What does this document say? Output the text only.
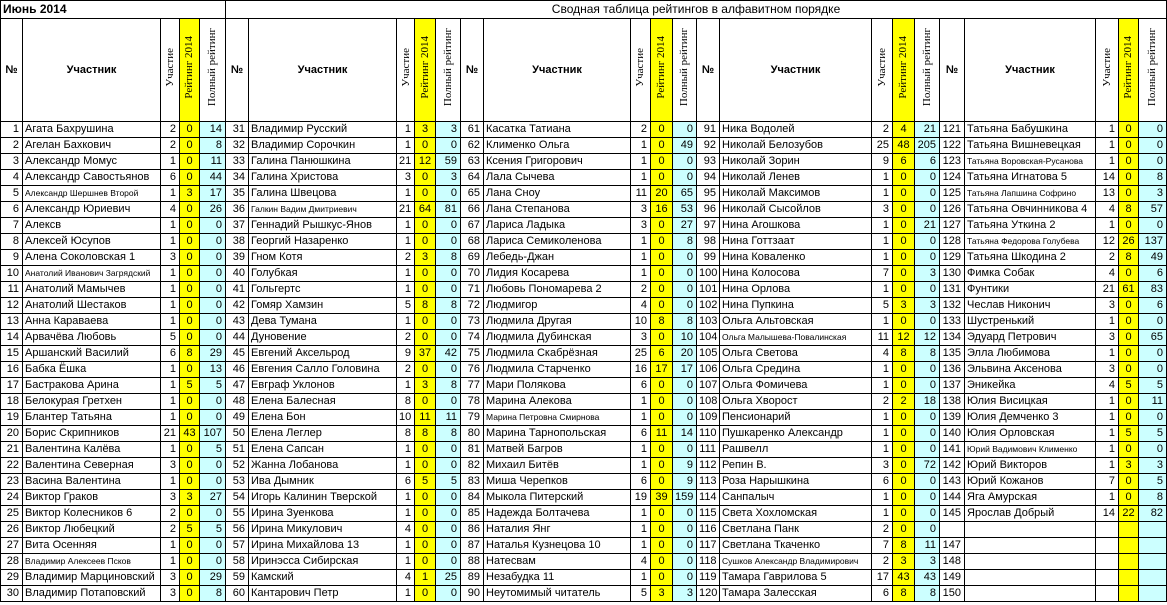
Июнь 2014					Сводная таблица рейтингов в алфавитном порядке																			
№	Участник	Участие	Рейтинг 2014	Полный рейтинг	№	Участник	Участие	Рейтинг 2014	Полный рейтинг	№	Участник	Участие	Рейтинг 2014	Полный рейтинг	№	Участник	Участие	Рейтинг 2014	Полный рейтинг	№	Участник	Участие	Рейтинг 2014	Полный рейтинг
1	Агата Бахрушина	2	0	14	31	Владимир Русский	1	3	3	61	Касатка Татиана	2	0	0	91	Ника Водолей	2	4	21	121	Татьяна Бабушкина	1	0	0
2	Агелан Бахкович	2	0	8	32	Владимир Сорочкин	1	0	0	62	Клименко Ольга	1	0	49	92	Николай Белозубов	25	48	205	122	Татьяна Вишневецкая	1	0	0
3	Александр Момус	1	0	11	33	Галина Панюшкина	21	12	59	63	Ксения Григорович	1	0	0	93	Николай Зорин	9	6	6	123	Татьяна Воровская-Русанова	1	0	0
4	Александр Савостьянов	6	0	44	34	Галина Христова	3	0	3	64	Лала Сычева	1	0	0	94	Николай Ленев	1	0	0	124	Татьяна Игнатова 5	14	0	8
5	Александр Шершнев Второй	1	3	17	35	Галина Швецова	1	0	0	65	Лана Сноу	11	20	65	95	Николай Максимов	1	0	0	125	Татьяна Лапшина Софрино	13	0	3
6	Александр Юриевич	4	0	26	36	Галкин Вадим Дмитриевич	21	64	81	66	Лана Степанова	3	16	53	96	Николай Сысойлов	3	0	0	126	Татьяна Овчинникова 4	4	8	57
7	Алексв	1	0	0	37	Геннадий Рышкус-Янов	1	0	0	67	Лариса Ладыка	3	0	27	97	Нина Агошкова	1	0	21	127	Татьяна Уткина 2	1	0	0
8	Алексей Юсупов	1	0	0	38	Георгий Назаренко	1	0	0	68	Лариса Семиколенова	1	0	8	98	Нина Готтзаат	1	0	0	128	Татьяна Федорова Голубева	12	26	137
9	Алена Соколовская 1	3	0	0	39	Гном Котя	2	3	8	69	Лебедь-Джан	1	0	0	99	Нина Коваленко	1	0	0	129	Татьяна Шкодина 2	2	8	49
10	Анатолий Иванович Загрядский	1	0	0	40	Голубкая	1	0	0	70	Лидия Косарева	1	0	0	100	Нина Колосова	7	0	3	130	Фимка Собак	4	0	6
11	Анатолий Мамычев	1	0	0	41	Гольгертс	1	0	0	71	Любовь Пономарева 2	2	0	0	101	Нина Орлова	1	0	0	131	Фунтики	21	61	83
12	Анатолий Шестаков	1	0	0	42	Гомяр Хамзин	5	8	8	72	Людмигор	4	0	0	102	Нина Пупкина	5	3	3	132	Чеслав Никонич	3	0	6
13	Анна Караваева	1	0	0	43	Дева Тумана	1	0	0	73	Людмила Другая	10	8	8	103	Ольга Альтовская	1	0	0	133	Шустренький	1	0	0
14	Арвачёва Любовь	5	0	0	44	Дуновение	2	0	0	74	Людмила Дубинская	3	0	10	104	Ольга Малышева-Повалинская	11	12	12	134	Эдуард Петрович	3	0	65
15	Аршанский Василий	6	8	29	45	Евгений Аксельрод	9	37	42	75	Людмила Скабрёзная	25	6	20	105	Ольга Светова	4	8	8	135	Элла Любимова	1	0	0
16	Бабка Ёшка	1	0	13	46	Евгения Салло Головина	2	0	0	76	Людмила Старченко	16	17	17	106	Ольга Средина	1	0	0	136	Эльвина Аксенова	3	0	0
17	Бастракова Арина	1	5	5	47	Евграф Уклонов	1	3	8	77	Мари Полякова	6	0	0	107	Ольга Фомичева	1	0	0	137	Эникейка	4	5	5
18	Белокурая Гретхен	1	0	0	48	Елена Балесная	8	0	0	78	Марина Алекова	1	0	0	108	Ольга Хворост	2	2	18	138	Юлия Висицкая	1	0	11
19	Блантер Татьяна	1	0	0	49	Елена Бон	10	11	11	79	Марина Петровна Смирнова	1	0	0	109	Пенсионарий	1	0	0	139	Юлия Демченко 3	1	0	0
20	Борис Скрипников	21	43	107	50	Елена Леглер	8	8	8	80	Марина Тарнопольская	6	11	14	110	Пушкаренко Александр	1	0	0	140	Юлия Орловская	1	5	5
21	Валентина Калёва	1	0	5	51	Елена Сапсан	1	0	0	81	Матвей Багров	1	0	0	111	Рашвелл	1	0	0	141	Юрий Вадимович Клименко	1	0	0
22	Валентина Северная	3	0	0	52	Жанна Лобанова	1	0	0	82	Михаил Битёв	1	0	9	112	Репин В.	3	0	72	142	Юрий Викторов	1	3	3
23	Васина Валентина	1	0	0	53	Ива Дымник	6	5	5	83	Миша Черепков	6	0	9	113	Роза Нарышкина	6	0	0	143	Юрий Кожанов	7	0	5
24	Виктор Граков	3	3	27	54	Игорь Калинин Тверской	1	0	0	84	Мыкола Питерский	19	39	159	114	Санпалыч	1	0	0	144	Яга Амурская	1	0	8
25	Виктор Колесников 6	2	0	0	55	Ирина Зуенкова	1	0	0	85	Надежда Болтачева	1	0	0	115	Света Хохломская	1	0	0	145	Ярослав Добрый	14	22	82
26	Виктор Любецкий	2	5	5	56	Ирина Микулович	4	0	0	86	Наталия Янг	1	0	0	116	Светлана Панк	2	0	0					
27	Вита Осенняя	1	0	0	57	Ирина Михайлова 13	1	0	0	87	Наталья Кузнецова 10	1	0	0	117	Светлана Ткаченко	7	8	11	147				
28	Владимир Алексеев Псков	1	0	0	58	Иринэсса Сибирская	1	0	0	88	Натесвам	4	0	0	118	Сушков Александр Владимирович	2	3	3	148				
29	Владимир Марциновский	3	0	29	59	Камский	4	1	25	89	Незабудка 11	1	0	0	119	Тамара Гаврилова 5	17	43	43	149				
30	Владимир Потаповский	3	0	8	60	Кантарович Петр	1	0	0	90	Неутомимый читатель	5	3	3	120	Тамара Залесская	6	8	8	150				
